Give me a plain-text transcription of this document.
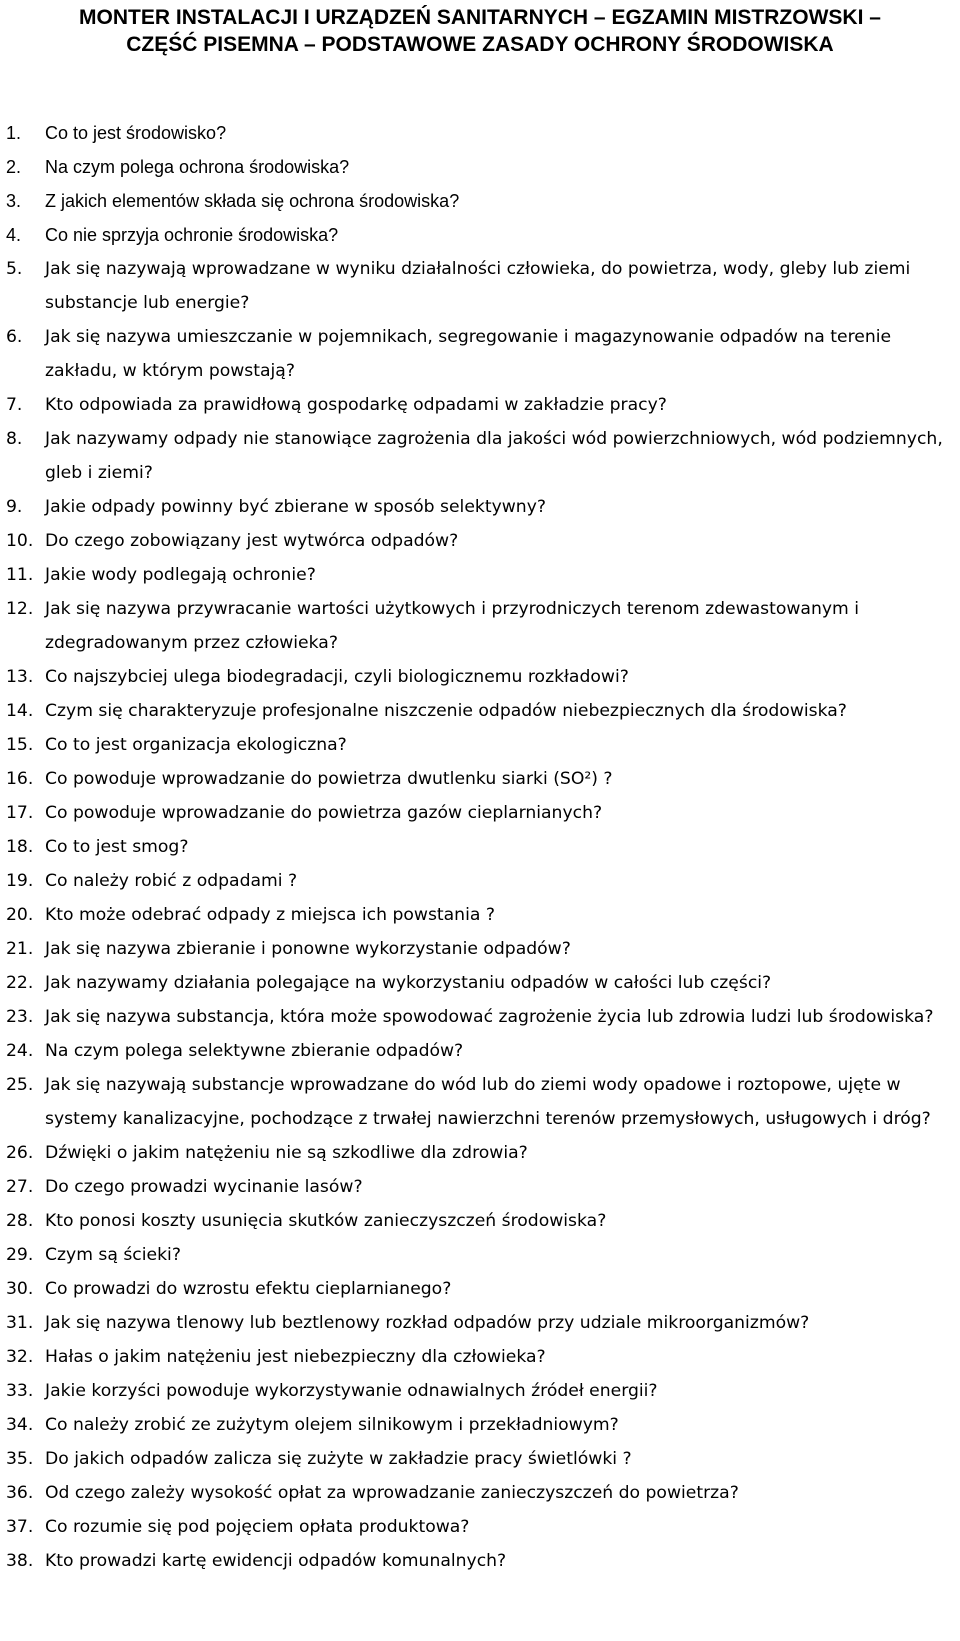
MONTER INSTALACJI I URZĄDZEŃ SANITARNYCH – EGZAMIN MISTRZOWSKI –
CZĘŚĆ PISEMNA – PODSTAWOWE ZASADY OCHRONY ŚRODOWISKA
1. Co to jest środowisko?
2. Na czym polega ochrona środowiska?
3. Z jakich elementów składa się ochrona środowiska?
4. Co nie sprzyja ochronie środowiska?
5. Jak się nazywają wprowadzane w wyniku działalności człowieka, do powietrza, wody, gleby lub ziemi substancje lub energie?
6. Jak się nazywa umieszczanie w pojemnikach, segregowanie i magazynowanie odpadów na terenie zakładu, w którym powstają?
7. Kto odpowiada za prawidłową gospodarkę odpadami w zakładzie pracy?
8. Jak nazywamy odpady nie stanowiące zagrożenia dla jakości wód powierzchniowych, wód podziemnych, gleb i ziemi?
9. Jakie odpady powinny być zbierane w sposób selektywny?
10. Do czego zobowiązany jest wytwórca odpadów?
11. Jakie wody podlegają ochronie?
12. Jak się nazywa przywracanie wartości użytkowych i przyrodniczych terenom zdewastowanym i zdegradowanym przez człowieka?
13. Co najszybciej ulega biodegradacji, czyli biologicznemu rozkładowi?
14. Czym się charakteryzuje profesjonalne niszczenie odpadów niebezpiecznych dla środowiska?
15. Co to jest organizacja ekologiczna?
16. Co powoduje wprowadzanie do powietrza dwutlenku siarki (SO²) ?
17. Co powoduje wprowadzanie do powietrza gazów cieplarnianych?
18. Co to jest smog?
19. Co należy robić z odpadami ?
20. Kto może odebrać odpady z miejsca ich powstania ?
21. Jak się nazywa zbieranie i ponowne wykorzystanie odpadów?
22. Jak nazywamy działania polegające na wykorzystaniu odpadów w całości lub części?
23. Jak się nazywa substancja, która może spowodować zagrożenie życia lub zdrowia ludzi lub środowiska?
24. Na czym polega selektywne zbieranie odpadów?
25. Jak się nazywają substancje wprowadzane do wód lub do ziemi wody opadowe i roztopowe, ujęte w systemy kanalizacyjne, pochodzące z trwałej nawierzchni terenów przemysłowych, usługowych i dróg?
26. Dźwięki o jakim natężeniu nie są szkodliwe dla zdrowia?
27. Do czego prowadzi wycinanie lasów?
28. Kto ponosi koszty usunięcia skutków zanieczyszczeń środowiska?
29. Czym są ścieki?
30. Co prowadzi do wzrostu efektu cieplarnianego?
31. Jak się nazywa tlenowy lub beztlenowy rozkład odpadów przy udziale mikroorganizmów?
32. Hałas o jakim natężeniu jest niebezpieczny dla człowieka?
33. Jakie korzyści powoduje wykorzystywanie odnawialnych źródeł energii?
34. Co należy zrobić ze zużytym olejem silnikowym i przekładniowym?
35. Do jakich odpadów zalicza się zużyte w zakładzie pracy świetlówki ?
36. Od czego zależy wysokość opłat za wprowadzanie zanieczyszczeń do powietrza?
37. Co rozumie się pod pojęciem opłata produktowa?
38. Kto prowadzi kartę ewidencji odpadów komunalnych?
